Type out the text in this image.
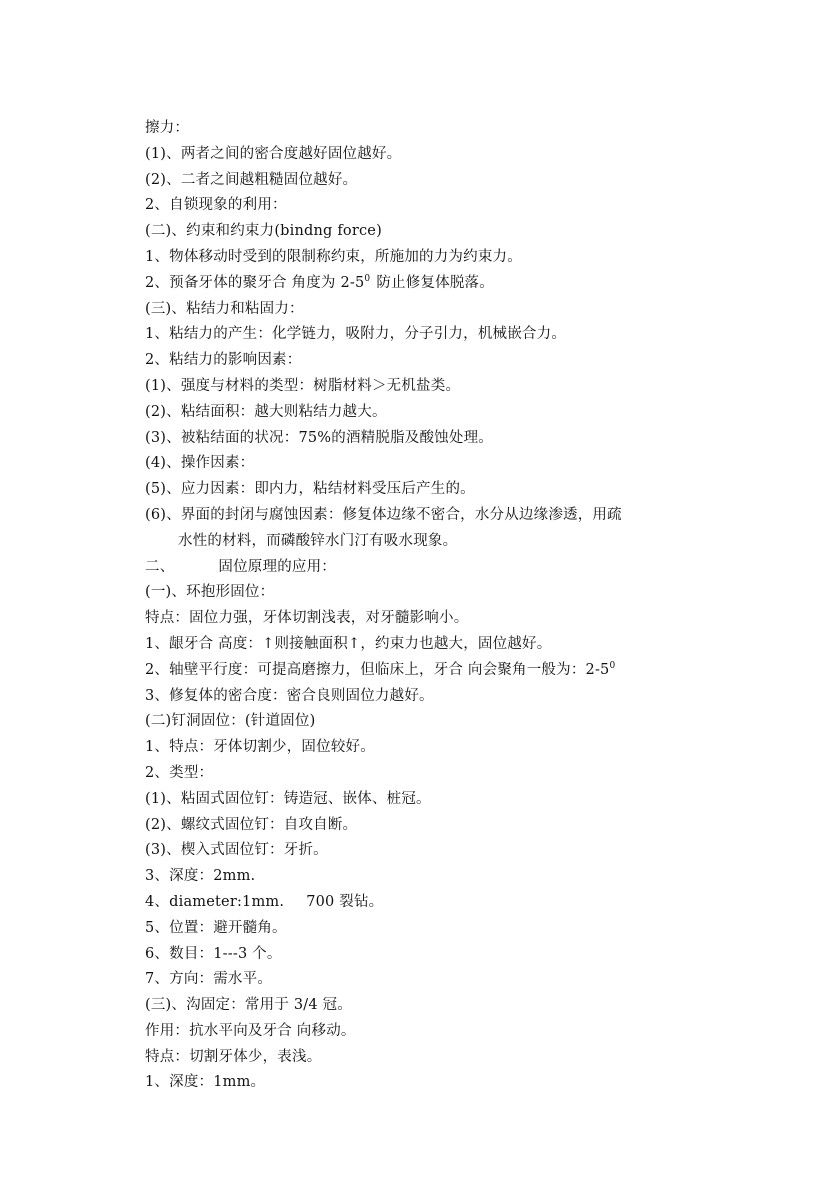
擦力：
(1)、两者之间的密合度越好固位越好。
(2)、二者之间越粗糙固位越好。
2、自锁现象的利用：
(二)、约束和约束力(bindng force)
1、物体移动时受到的限制称约束，所施加的力为约束力。
2、预备牙体的聚牙合 角度为 $2-5^0$ 防止修复体脱落。
(三)、粘结力和粘固力：
1、粘结力的产生：化学链力，吸附力，分子引力，机械嵌合力。
2、粘结力的影响因素：
(1)、强度与材料的类型：树脂材料＞无机盐类。
(2)、粘结面积：越大则粘结力越大。
(3)、被粘结面的状况：75%的酒精脱脂及酸蚀处理。
(4)、操作因素：
(5)、应力因素：即内力，粘结材料受压后产生的。
(6)、界面的封闭与腐蚀因素：修复体边缘不密合，水分从边缘渗透，用疏
水性的材料，而磷酸锌水门汀有吸水现象。
二、	固位原理的应用：
(一)、环抱形固位：
特点：固位力强，牙体切割浅表，对牙髓影响小。
1、龈牙合 高度：↑则接触面积↑，约束力也越大，固位越好。
2、轴壁平行度：可提高磨擦力，但临床上，牙合 向会聚角一般为：$2-5^0$
3、修复体的密合度：密合良则固位力越好。
(二)钉洞固位：(针道固位)
1、特点：牙体切割少，固位较好。
2、类型：
(1)、粘固式固位钉：铸造冠、嵌体、桩冠。
(2)、螺纹式固位钉：自攻自断。
(3)、楔入式固位钉：牙折。
3、深度：2mm.
4、diameter:1mm. 700 裂钻。
5、位置：避开髓角。
6、数目：1---3 个。
7、方向：需水平。
(三)、沟固定：常用于 3/4 冠。
作用：抗水平向及牙合 向移动。
特点：切割牙体少，表浅。
1、深度：1mm。
